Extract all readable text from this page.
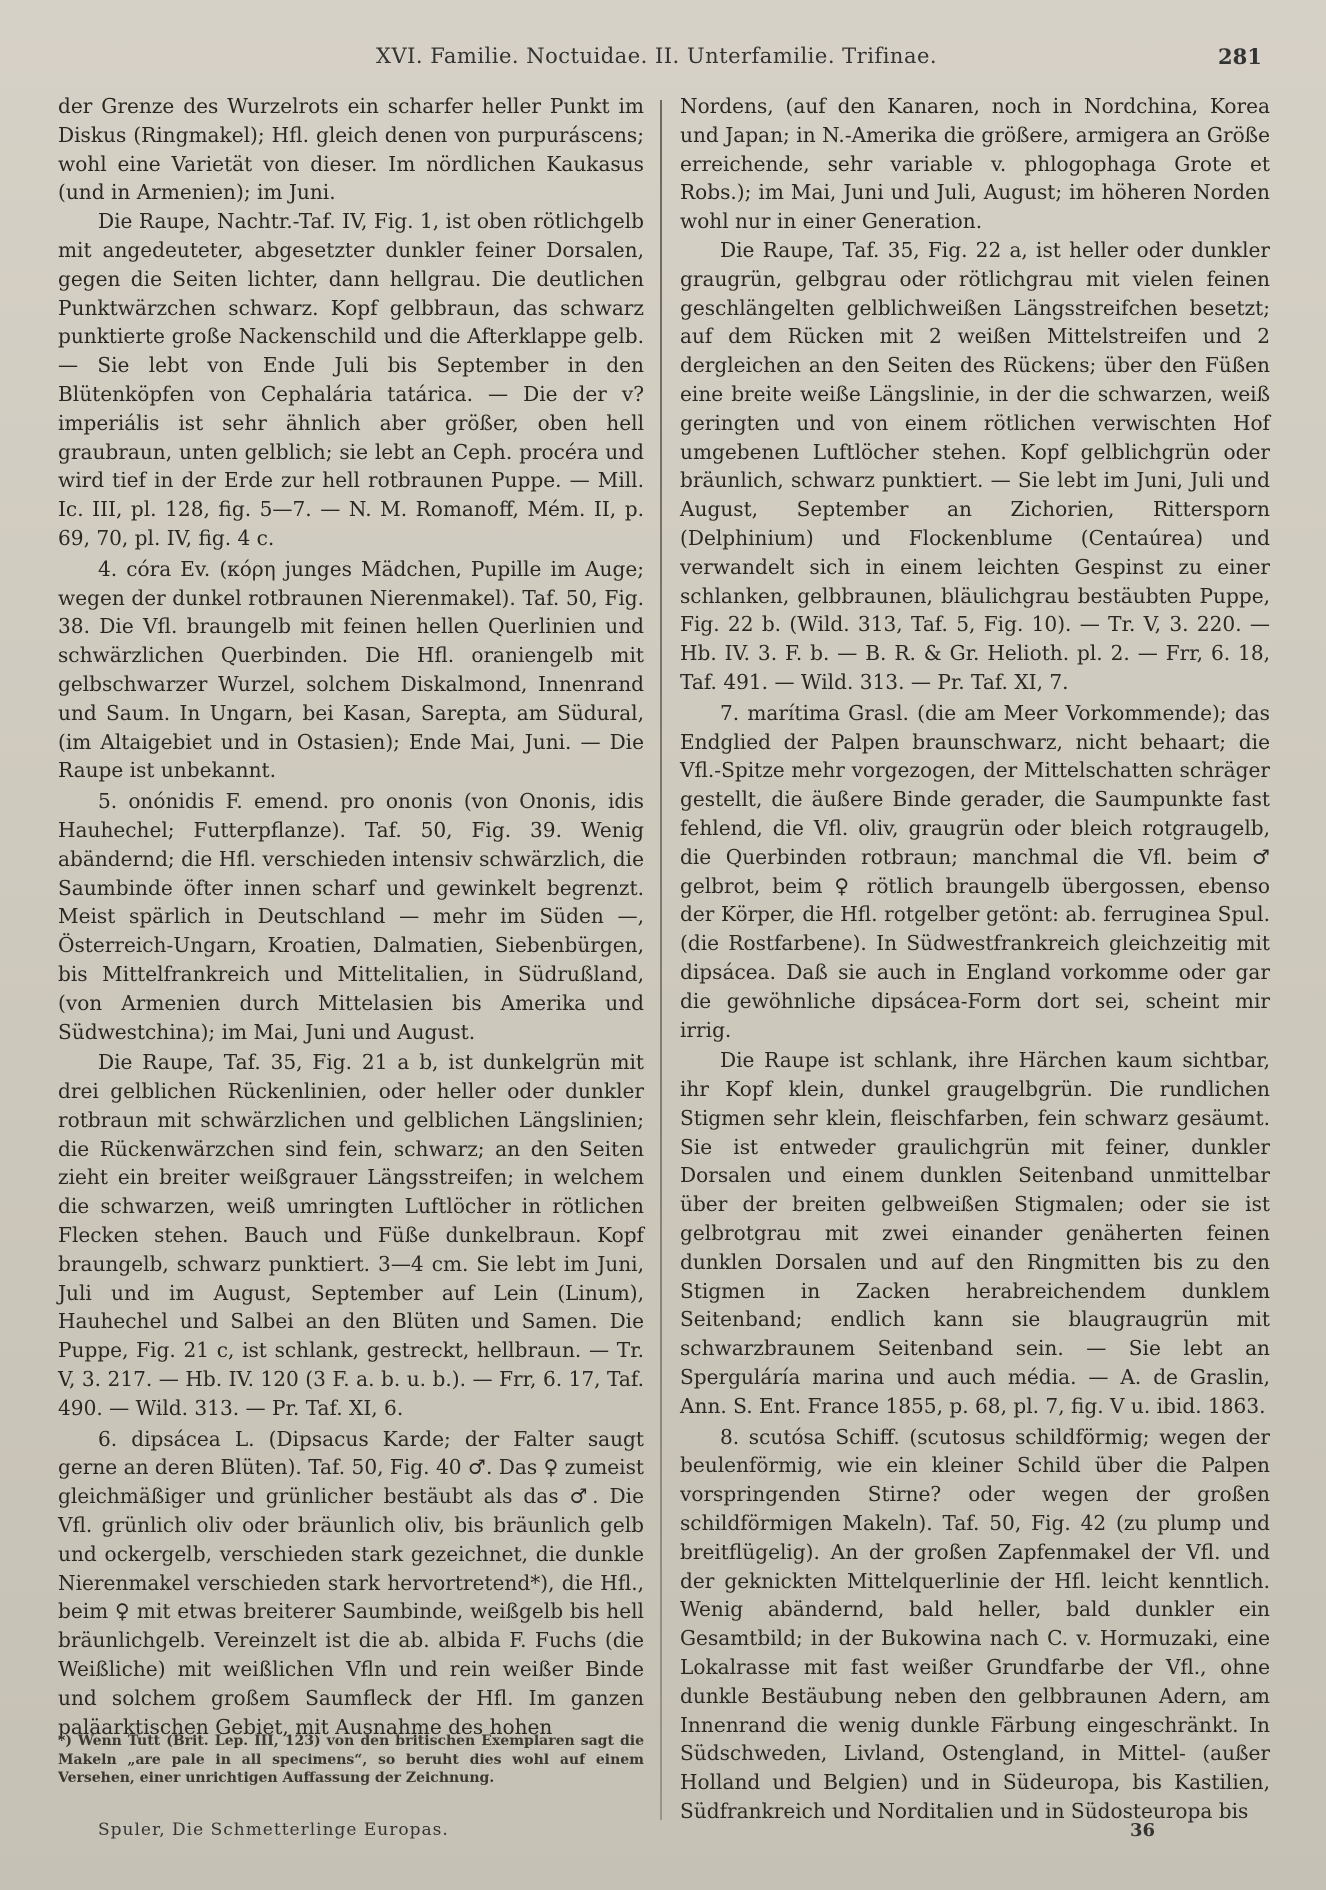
XVI. Familie. Noctuidae. II. Unterfamilie. Trifinae.	281

der Grenze des Wurzelrots ein scharfer heller Punkt im Diskus (Ringmakel); Hfl. gleich denen von purpuráscens; wohl eine Varietät von dieser. Im nördlichen Kaukasus (und in Armenien); im Juni.

Die Raupe, Nachtr.-Taf. IV, Fig. 1, ist oben rötlichgelb mit angedeuteter, abgesetzter dunkler feiner Dorsalen, gegen die Seiten lichter, dann hellgrau. Die deutlichen Punktwärzchen schwarz. Kopf gelbbraun, das schwarz punktierte große Nackenschild und die Afterklappe gelb. — Sie lebt von Ende Juli bis September in den Blütenköpfen von Cephalária tatárica. — Die der v? imperiális ist sehr ähnlich aber größer, oben hell graubraun, unten gelblich; sie lebt an Ceph. procéra und wird tief in der Erde zur hell rotbraunen Puppe. — Mill. Ic. III, pl. 128, fig. 5—7. — N. M. Romanoff, Mém. II, p. 69, 70, pl. IV, fig. 4 c.

4. córa Ev. (κόρη junges Mädchen, Pupille im Auge; wegen der dunkel rotbraunen Nierenmakel). Taf. 50, Fig. 38. Die Vfl. braungelb mit feinen hellen Querlinien und schwärzlichen Querbinden. Die Hfl. oraniengelb mit gelbschwarzer Wurzel, solchem Diskalmond, Innenrand und Saum. In Ungarn, bei Kasan, Sarepta, am Südural, (im Altaigebiet und in Ostasien); Ende Mai, Juni. — Die Raupe ist unbekannt.

5. onónidis F. emend. pro ononis (von Ononis, idis Hauhechel; Futterpflanze). Taf. 50, Fig. 39. Wenig abändernd; die Hfl. verschieden intensiv schwärzlich, die Saumbinde öfter innen scharf und gewinkelt begrenzt. Meist spärlich in Deutschland — mehr im Süden —, Österreich-Ungarn, Kroatien, Dalmatien, Siebenbürgen, bis Mittelfrankreich und Mittelitalien, in Südrußland, (von Armenien durch Mittelasien bis Amerika und Südwestchina); im Mai, Juni und August.

Die Raupe, Taf. 35, Fig. 21 a b, ist dunkelgrün mit drei gelblichen Rückenlinien, oder heller oder dunkler rotbraun mit schwärzlichen und gelblichen Längslinien; die Rückenwärzchen sind fein, schwarz; an den Seiten zieht ein breiter weißgrauer Längsstreifen; in welchem die schwarzen, weiß umringten Luftlöcher in rötlichen Flecken stehen. Bauch und Füße dunkelbraun. Kopf braungelb, schwarz punktiert. 3—4 cm. Sie lebt im Juni, Juli und im August, September auf Lein (Linum), Hauhechel und Salbei an den Blüten und Samen. Die Puppe, Fig. 21 c, ist schlank, gestreckt, hellbraun. — Tr. V, 3. 217. — Hb. IV. 120 (3 F. a. b. u. b.). — Frr, 6. 17, Taf. 490. — Wild. 313. — Pr. Taf. XI, 6.

6. dipsácea L. (Dipsacus Karde; der Falter saugt gerne an deren Blüten). Taf. 50, Fig. 40 ♂. Das ♀ zumeist gleichmäßiger und grünlicher bestäubt als das ♂. Die Vfl. grünlich oliv oder bräunlich oliv, bis bräunlich gelb und ockergelb, verschieden stark gezeichnet, die dunkle Nierenmakel verschieden stark hervortretend*), die Hfl., beim ♀ mit etwas breiterer Saumbinde, weißgelb bis hell bräunlichgelb. Vereinzelt ist die ab. albida F. Fuchs (die Weißliche) mit weißlichen Vfln und rein weißer Binde und solchem großem Saumfleck der Hfl. Im ganzen paläarktischen Gebiet, mit Ausnahme des hohen

Nordens, (auf den Kanaren, noch in Nordchina, Korea und Japan; in N.-Amerika die größere, armigera an Größe erreichende, sehr variable v. phlogophaga Grote et Robs.); im Mai, Juni und Juli, August; im höheren Norden wohl nur in einer Generation.

Die Raupe, Taf. 35, Fig. 22 a, ist heller oder dunkler graugrün, gelbgrau oder rötlichgrau mit vielen feinen geschlängelten gelblichweißen Längsstreifchen besetzt; auf dem Rücken mit 2 weißen Mittelstreifen und 2 dergleichen an den Seiten des Rückens; über den Füßen eine breite weiße Längslinie, in der die schwarzen, weiß geringten und von einem rötlichen verwischten Hof umgebenen Luftlöcher stehen. Kopf gelblichgrün oder bräunlich, schwarz punktiert. — Sie lebt im Juni, Juli und August, September an Zichorien, Rittersporn (Delphinium) und Flockenblume (Centaúrea) und verwandelt sich in einem leichten Gespinst zu einer schlanken, gelbbraunen, bläulichgrau bestäubten Puppe, Fig. 22 b. (Wild. 313, Taf. 5, Fig. 10). — Tr. V, 3. 220. — Hb. IV. 3. F. b. — B. R. & Gr. Helioth. pl. 2. — Frr, 6. 18, Taf. 491. — Wild. 313. — Pr. Taf. XI, 7.

7. marítima Grasl. (die am Meer Vorkommende); das Endglied der Palpen braunschwarz, nicht behaart; die Vfl.-Spitze mehr vorgezogen, der Mittelschatten schräger gestellt, die äußere Binde gerader, die Saumpunkte fast fehlend, die Vfl. oliv, graugrün oder bleich rotgraugelb, die Querbinden rotbraun; manchmal die Vfl. beim ♂ gelbrot, beim ♀ rötlich braungelb übergossen, ebenso der Körper, die Hfl. rotgelber getönt: ab. ferruginea Spul. (die Rostfarbene). In Südwestfrankreich gleichzeitig mit dipsácea. Daß sie auch in England vorkomme oder gar die gewöhnliche dipsácea-Form dort sei, scheint mir irrig.

Die Raupe ist schlank, ihre Härchen kaum sichtbar, ihr Kopf klein, dunkel graugelbgrün. Die rundlichen Stigmen sehr klein, fleischfarben, fein schwarz gesäumt. Sie ist entweder graulichgrün mit feiner, dunkler Dorsalen und einem dunklen Seitenband unmittelbar über der breiten gelbweißen Stigmalen; oder sie ist gelbrotgrau mit zwei einander genäherten feinen dunklen Dorsalen und auf den Ringmitten bis zu den Stigmen in Zacken herabreichendem dunklem Seitenband; endlich kann sie blaugraugrün mit schwarzbraunem Seitenband sein. — Sie lebt an Sperguláría marina und auch média. — A. de Graslin, Ann. S. Ent. France 1855, p. 68, pl. 7, fig. V u. ibid. 1863.

8. scutósa Schiff. (scutosus schildförmig; wegen der beulenförmig, wie ein kleiner Schild über die Palpen vorspringenden Stirne? oder wegen der großen schildförmigen Makeln). Taf. 50, Fig. 42 (zu plump und breitflügelig). An der großen Zapfenmakel der Vfl. und der geknickten Mittelquerlinie der Hfl. leicht kenntlich. Wenig abändernd, bald heller, bald dunkler ein Gesamtbild; in der Bukowina nach C. v. Hormuzaki, eine Lokalrasse mit fast weißer Grundfarbe der Vfl., ohne dunkle Bestäubung neben den gelbbraunen Adern, am Innenrand die wenig dunkle Färbung eingeschränkt. In Südschweden, Livland, Ostengland, in Mittel- (außer Holland und Belgien) und in Südeuropa, bis Kastilien, Südfrankreich und Norditalien und in Südosteuropa bis

*) Wenn Tutt (Brit. Lep. III, 123) von den britischen Exemplaren sagt die Makeln „are pale in all specimens“, so beruht dies wohl auf einem Versehen, einer unrichtigen Auffassung der Zeichnung.
Spuler, Die Schmetterlinge Europas.	36
